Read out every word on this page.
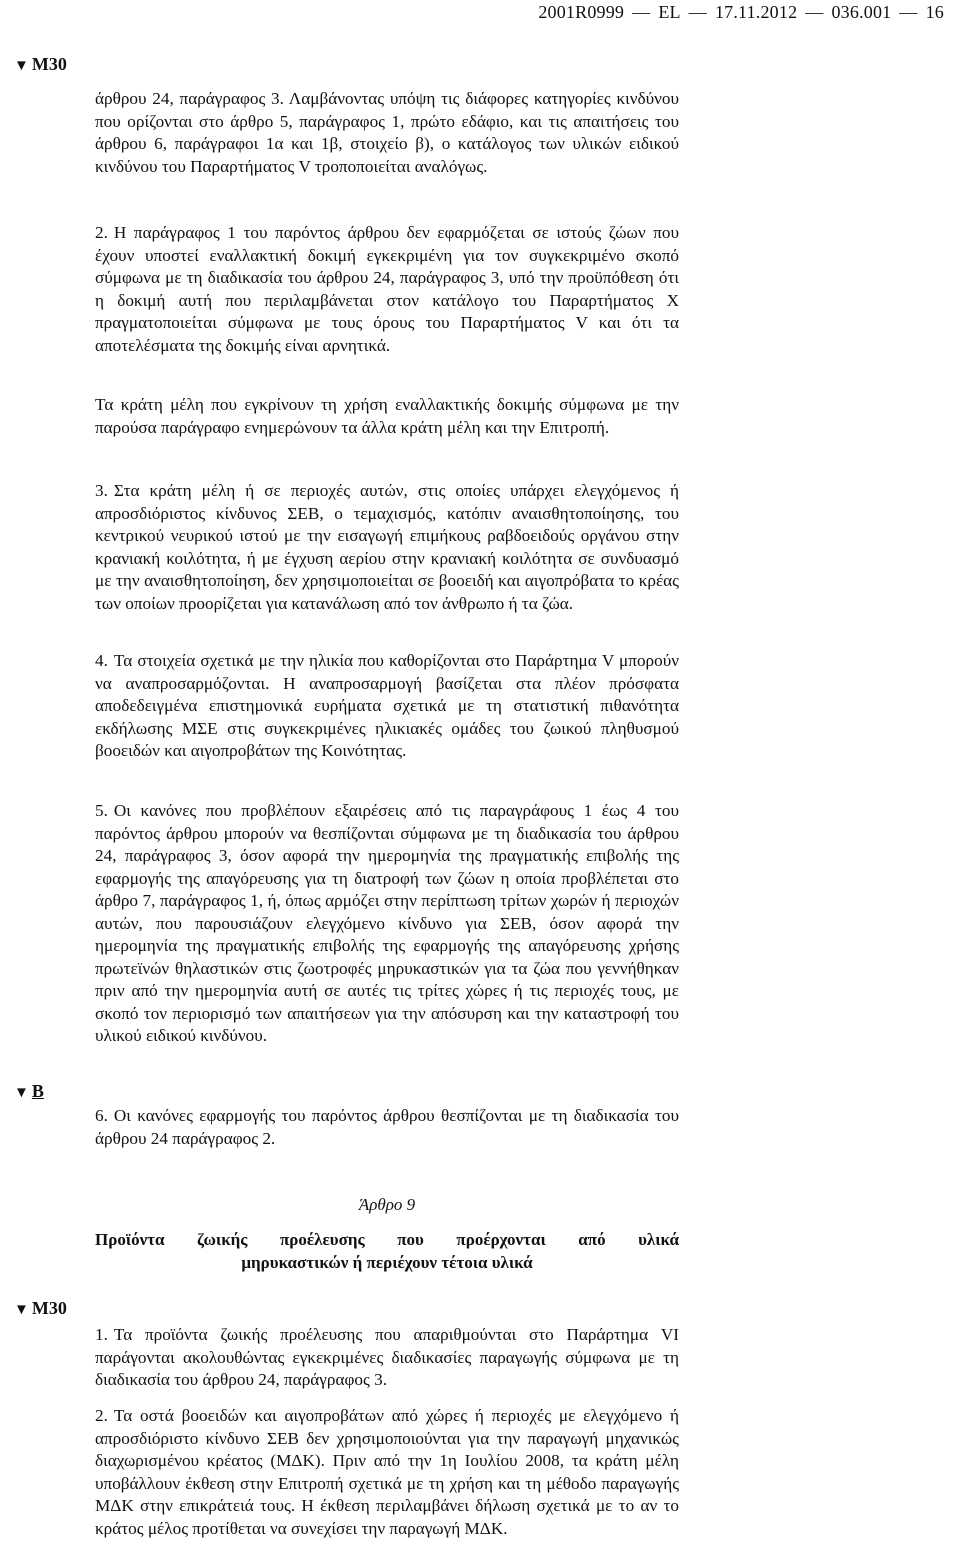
2001R0999 — EL — 17.11.2012 — 036.001 — 16
▼ M30
▼ B
▼ M30

άρθρου 24, παράγραφος 3. Λαμβάνοντας υπόψη τις διάφορες κατηγορίες κινδύνου που ορίζονται στο άρθρο 5, παράγραφος 1, πρώτο εδάφιο, και τις απαιτήσεις του άρθρου 6, παράγραφοι 1α και 1β, στοιχείο β), ο κατάλογος των υλικών ειδικού κινδύνου του Παραρτήματος V τροποποιείται αναλόγως.

2. Η παράγραφος 1 του παρόντος άρθρου δεν εφαρμόζεται σε ιστούς ζώων που έχουν υποστεί εναλλακτική δοκιμή εγκεκριμένη για τον συγκεκριμένο σκοπό σύμφωνα με τη διαδικασία του άρθρου 24, παράγραφος 3, υπό την προϋπόθεση ότι η δοκιμή αυτή που περιλαμβάνεται στον κατάλογο του Παραρτήματος X πραγματοποιείται σύμφωνα με τους όρους του Παραρτήματος V και ότι τα αποτελέσματα της δοκιμής είναι αρνητικά.

Τα κράτη μέλη που εγκρίνουν τη χρήση εναλλακτικής δοκιμής σύμφωνα με την παρούσα παράγραφο ενημερώνουν τα άλλα κράτη μέλη και την Επιτροπή.

3. Στα κράτη μέλη ή σε περιοχές αυτών, στις οποίες υπάρχει ελεγχόμενος ή απροσδιόριστος κίνδυνος ΣΕΒ, ο τεμαχισμός, κατόπιν αναισθητοποίησης, του κεντρικού νευρικού ιστού με την εισαγωγή επιμήκους ραβδοειδούς οργάνου στην κρανιακή κοιλότητα, ή με έγχυση αερίου στην κρανιακή κοιλότητα σε συνδυασμό με την αναισθητοποίηση, δεν χρησιμοποιείται σε βοοειδή και αιγοπρόβατα το κρέας των οποίων προορίζεται για κατανάλωση από τον άνθρωπο ή τα ζώα.

4. Τα στοιχεία σχετικά με την ηλικία που καθορίζονται στο Παράρτημα V μπορούν να αναπροσαρμόζονται. Η αναπροσαρμογή βασίζεται στα πλέον πρόσφατα αποδεδειγμένα επιστημονικά ευρήματα σχετικά με τη στατιστική πιθανότητα εκδήλωσης ΜΣΕ στις συγκεκριμένες ηλικιακές ομάδες του ζωικού πληθυσμού βοοειδών και αιγοπροβάτων της Κοινότητας.

5. Οι κανόνες που προβλέπουν εξαιρέσεις από τις παραγράφους 1 έως 4 του παρόντος άρθρου μπορούν να θεσπίζονται σύμφωνα με τη διαδικασία του άρθρου 24, παράγραφος 3, όσον αφορά την ημερομηνία της πραγματικής επιβολής της εφαρμογής της απαγόρευσης για τη διατροφή των ζώων η οποία προβλέπεται στο άρθρο 7, παράγραφος 1, ή, όπως αρμόζει στην περίπτωση τρίτων χωρών ή περιοχών αυτών, που παρουσιάζουν ελεγχόμενο κίνδυνο για ΣΕΒ, όσον αφορά την ημερομηνία της πραγματικής επιβολής της εφαρμογής της απαγόρευσης χρήσης πρωτεϊνών θηλαστικών στις ζωοτροφές μηρυκαστικών για τα ζώα που γεννήθηκαν πριν από την ημερομηνία αυτή σε αυτές τις τρίτες χώρες ή τις περιοχές τους, με σκοπό τον περιορισμό των απαιτήσεων για την απόσυρση και την καταστροφή του υλικού ειδικού κινδύνου.

6. Οι κανόνες εφαρμογής του παρόντος άρθρου θεσπίζονται με τη διαδικασία του άρθρου 24 παράγραφος 2.

Άρθρο 9
Προϊόντα ζωικής προέλευσης που προέρχονται από υλικά
μηρυκαστικών ή περιέχουν τέτοια υλικά

1. Τα προϊόντα ζωικής προέλευσης που απαριθμούνται στο Παράρτημα VI παράγονται ακολουθώντας εγκεκριμένες διαδικασίες παραγωγής σύμφωνα με τη διαδικασία του άρθρου 24, παράγραφος 3.

2. Τα οστά βοοειδών και αιγοπροβάτων από χώρες ή περιοχές με ελεγχόμενο ή απροσδιόριστο κίνδυνο ΣΕΒ δεν χρησιμοποιούνται για την παραγωγή μηχανικώς διαχωρισμένου κρέατος (ΜΔΚ). Πριν από την 1η Ιουλίου 2008, τα κράτη μέλη υποβάλλουν έκθεση στην Επιτροπή σχετικά με τη χρήση και τη μέθοδο παραγωγής ΜΔΚ στην επικράτειά τους. Η έκθεση περιλαμβάνει δήλωση σχετικά με το αν το κράτος μέλος προτίθεται να συνεχίσει την παραγωγή ΜΔΚ.
